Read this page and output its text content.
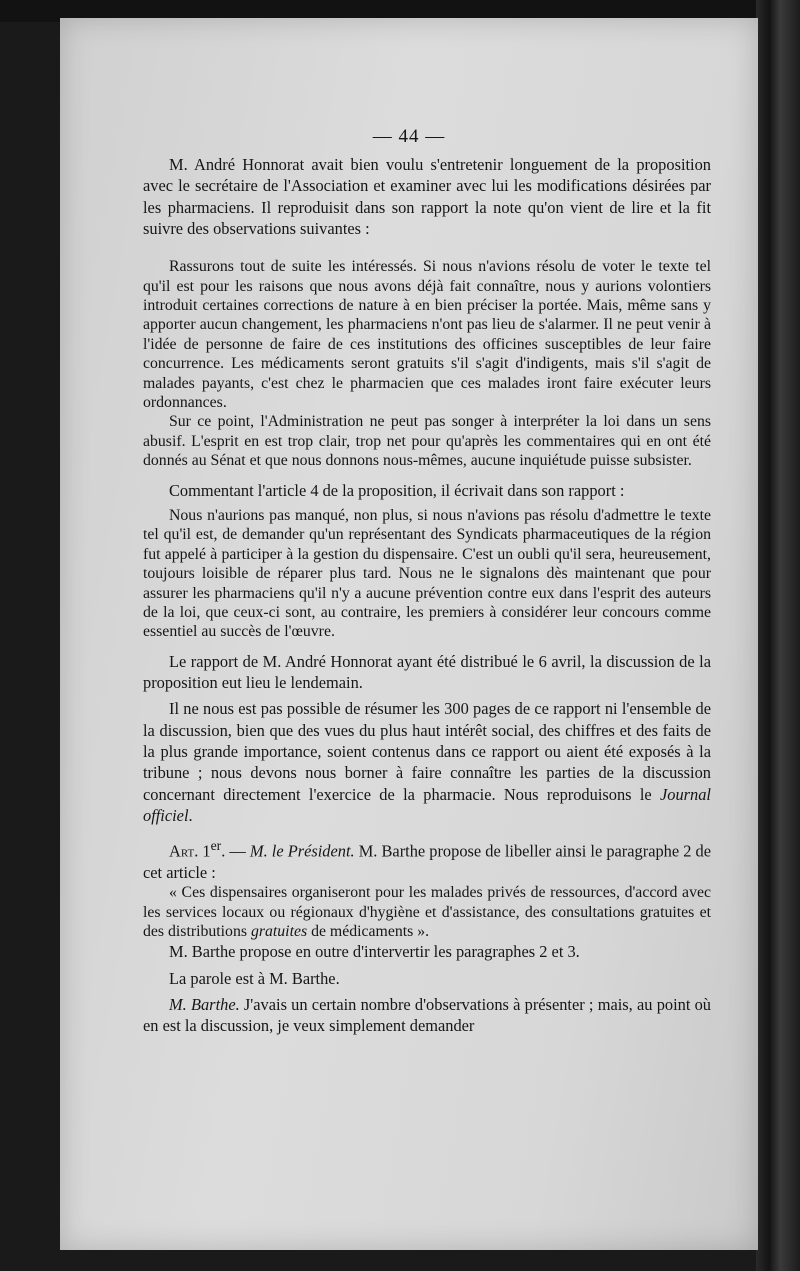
— 44 —

M. André Honnorat avait bien voulu s'entretenir longuement de la proposition avec le secrétaire de l'Association et examiner avec lui les modifications désirées par les pharmaciens. Il reproduisit dans son rapport la note qu'on vient de lire et la fit suivre des observations suivantes :

Rassurons tout de suite les intéressés. Si nous n'avions résolu de voter le texte tel qu'il est pour les raisons que nous avons déjà fait connaître, nous y aurions volontiers introduit certaines corrections de nature à en bien préciser la portée. Mais, même sans y apporter aucun changement, les pharmaciens n'ont pas lieu de s'alarmer. Il ne peut venir à l'idée de personne de faire de ces institutions des officines susceptibles de leur faire concurrence. Les médicaments seront gratuits s'il s'agit d'indigents, mais s'il s'agit de malades payants, c'est chez le pharmacien que ces malades iront faire exécuter leurs ordonnances.

Sur ce point, l'Administration ne peut pas songer à interpréter la loi dans un sens abusif. L'esprit en est trop clair, trop net pour qu'après les commentaires qui en ont été donnés au Sénat et que nous donnons nous-mêmes, aucune inquiétude puisse subsister.

Commentant l'article 4 de la proposition, il écrivait dans son rapport :

Nous n'aurions pas manqué, non plus, si nous n'avions pas résolu d'admettre le texte tel qu'il est, de demander qu'un représentant des Syndicats pharmaceutiques de la région fut appelé à participer à la gestion du dispensaire. C'est un oubli qu'il sera, heureusement, toujours loisible de réparer plus tard. Nous ne le signalons dès maintenant que pour assurer les pharmaciens qu'il n'y a aucune prévention contre eux dans l'esprit des auteurs de la loi, que ceux-ci sont, au contraire, les premiers à considérer leur concours comme essentiel au succès de l'œuvre.

Le rapport de M. André Honnorat ayant été distribué le 6 avril, la discussion de la proposition eut lieu le lendemain.

Il ne nous est pas possible de résumer les 300 pages de ce rapport ni l'ensemble de la discussion, bien que des vues du plus haut intérêt social, des chiffres et des faits de la plus grande importance, soient contenus dans ce rapport ou aient été exposés à la tribune ; nous devons nous borner à faire connaître les parties de la discussion concernant directement l'exercice de la pharmacie. Nous reproduisons le Journal officiel.

Art. 1er. — M. le Président. M. Barthe propose de libeller ainsi le paragraphe 2 de cet article :

« Ces dispensaires organiseront pour les malades privés de ressources, d'accord avec les services locaux ou régionaux d'hygiène et d'assistance, des consultations gratuites et des distributions gratuites de médicaments ».

M. Barthe propose en outre d'intervertir les paragraphes 2 et 3.

La parole est à M. Barthe.

M. Barthe. J'avais un certain nombre d'observations à présenter ; mais, au point où en est la discussion, je veux simplement demander
